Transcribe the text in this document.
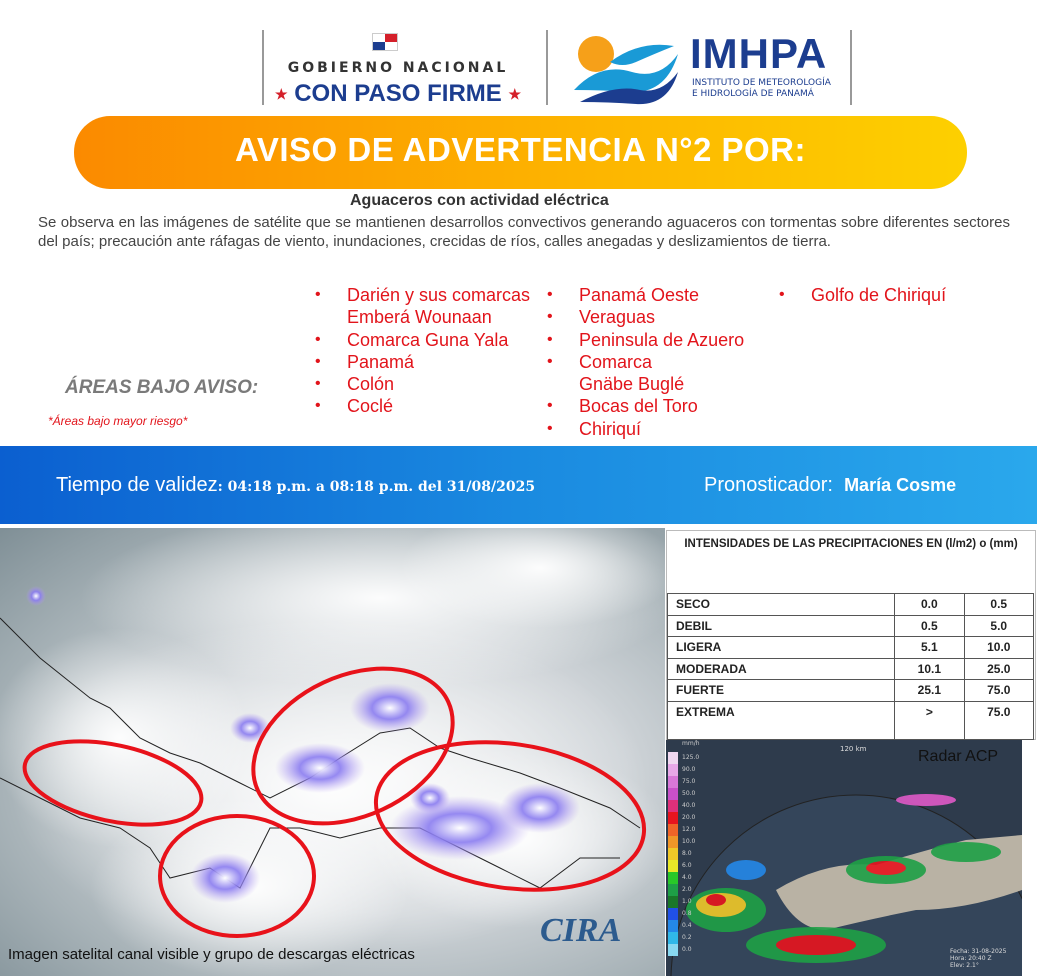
GOBIERNO NACIONAL
★ CON PASO FIRME ★
IMHPA
INSTITUTO DE METEOROLOGÍA
E HIDROLOGÍA DE PANAMÁ
AVISO DE ADVERTENCIA N°2 POR:
Aguaceros con actividad eléctrica
Se observa en las imágenes de satélite que se mantienen desarrollos convectivos generando aguaceros con tormentas sobre diferentes sectores del país; precaución ante ráfagas de viento, inundaciones, crecidas de ríos, calles anegadas y deslizamientos de tierra.
ÁREAS BAJO AVISO:
*Áreas bajo mayor riesgo*
• Darién y sus comarcas Emberá Wounaan
• Comarca Guna Yala
• Panamá
• Colón
• Coclé
• Panamá Oeste
• Veraguas
• Peninsula de Azuero
• Comarca Gnäbe Buglé
• Bocas del Toro
• Chiriquí
• Golfo de Chiriquí
Tiempo de validez: 04:18 p.m. a 08:18 p.m. del 31/08/2025	Pronosticador: María Cosme
CIRA
Imagen satelital canal visible y grupo de descargas eléctricas
INTENSIDADES DE LAS PRECIPITACIONES EN (l/m2) o (mm)
SECO	0.0	0.5
DEBIL	0.5	5.0
LIGERA	5.1	10.0
MODERADA	10.1	25.0
FUERTE	25.1	75.0
EXTREMA	>	75.0
mm/h
125.0
90.0
75.0
50.0
40.0
20.0
12.0
10.0
8.0
6.0
4.0
2.0
1.0
0.8
0.4
0.2
0.0
120 km
Fecha: 31-08-2025
Hora: 20:40 Z
Elev: 2.1°
Radar ACP
